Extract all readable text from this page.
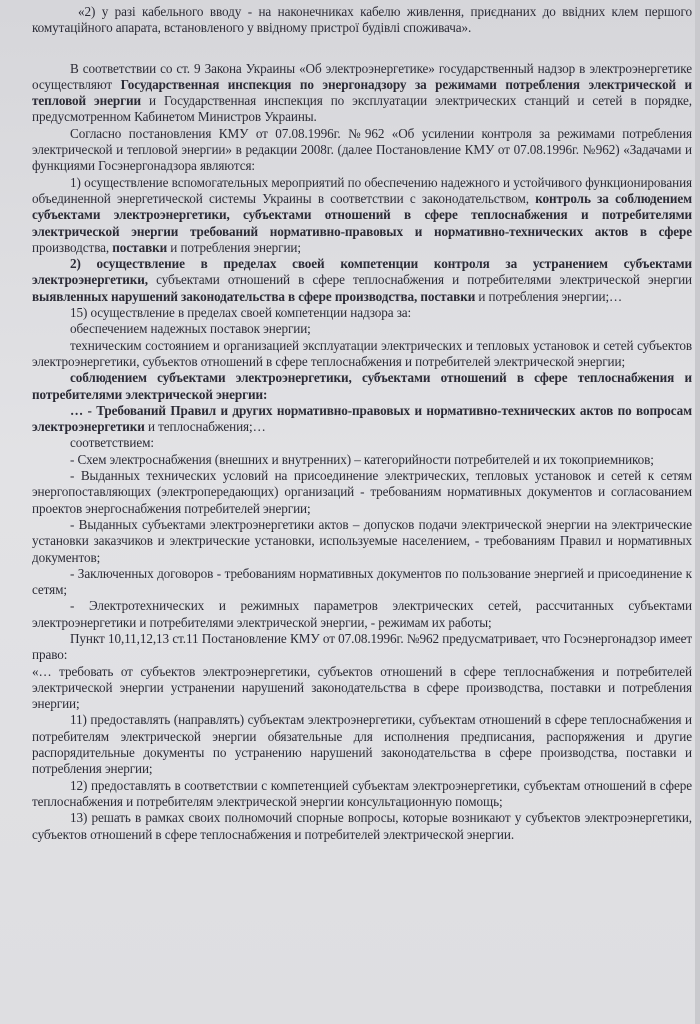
«2) у разі кабельного вводу - на наконечниках кабелю живлення, приєднаних до ввідних клем першого комутаційного апарата, встановленого у ввідному пристрої будівлі споживача».

В соответствии со ст. 9 Закона Украины «Об электроэнергетике» государственный надзор в электроэнергетике осуществляют Государственная инспекция по энергонадзору за режимами потребления электрической и тепловой энергии и Государственная инспекция по эксплуатации электрических станций и сетей в порядке, предусмотренном Кабинетом Министров Украины.

Согласно постановления КМУ от 07.08.1996г. №962 «Об усилении контроля за режимами потребления электрической и тепловой энергии» в редакции 2008г. (далее Постановление КМУ от 07.08.1996г. №962) «Задачами и функциями Госэнергонадзора являются:

1) осуществление вспомогательных мероприятий по обеспечению надежного и устойчивого функционирования объединенной энергетической системы Украины в соответствии с законодательством, контроль за соблюдением субъектами электроэнергетики, субъектами отношений в сфере теплоснабжения и потребителями электрической энергии требований нормативно-правовых и нормативно-технических актов в сфере производства, поставки и потребления энергии;

2) осуществление в пределах своей компетенции контроля за устранением субъектами электроэнергетики, субъектами отношений в сфере теплоснабжения и потребителями электрической энергии выявленных нарушений законодательства в сфере производства, поставки и потребления энергии;…

15) осуществление в пределах своей компетенции надзора за:

обеспечением надежных поставок энергии;

техническим состоянием и организацией эксплуатации электрических и тепловых установок и сетей субъектов электроэнергетики, субъектов отношений в сфере теплоснабжения и потребителей электрической энергии;

соблюдением субъектами электроэнергетики, субъектами отношений в сфере теплоснабжения и потребителями электрической энергии:

… - Требований Правил и других нормативно-правовых и нормативно-технических актов по вопросам электроэнергетики и теплоснабжения;…

соответствием:

- Схем электроснабжения (внешних и внутренних) – категорийности потребителей и их токоприемников;

- Выданных технических условий на присоединение электрических, тепловых установок и сетей к сетям энергопоставляющих (электропередающих) организаций - требованиям нормативных документов и согласованием проектов энергоснабжения потребителей энергии;

- Выданных субъектами электроэнергетики актов – допусков подачи электрической энергии на электрические установки заказчиков и электрические установки, используемые населением, - требованиям Правил и нормативных документов;

- Заключенных договоров - требованиям нормативных документов по пользование энергией и присоединение к сетям;

- Электротехнических и режимных параметров электрических сетей, рассчитанных субъектами электроэнергетики и потребителями электрической энергии, - режимам их работы;

Пункт 10,11,12,13 ст.11 Постановление КМУ от 07.08.1996г. №962 предусматривает, что Госэнергонадзор имеет право:

«… требовать от субъектов электроэнергетики, субъектов отношений в сфере теплоснабжения и потребителей электрической энергии устранении нарушений законодательства в сфере производства, поставки и потребления энергии;

11) предоставлять (направлять) субъектам электроэнергетики, субъектам отношений в сфере теплоснабжения и потребителям электрической энергии обязательные для исполнения предписания, распоряжения и другие распорядительные документы по устранению нарушений законодательства в сфере производства, поставки и потребления энергии;

12) предоставлять в соответствии с компетенцией субъектам электроэнергетики, субъектам отношений в сфере теплоснабжения и потребителям электрической энергии консультационную помощь;

13) решать в рамках своих полномочий спорные вопросы, которые возникают у субъектов электроэнергетики, субъектов отношений в сфере теплоснабжения и потребителей электрической энергии.
